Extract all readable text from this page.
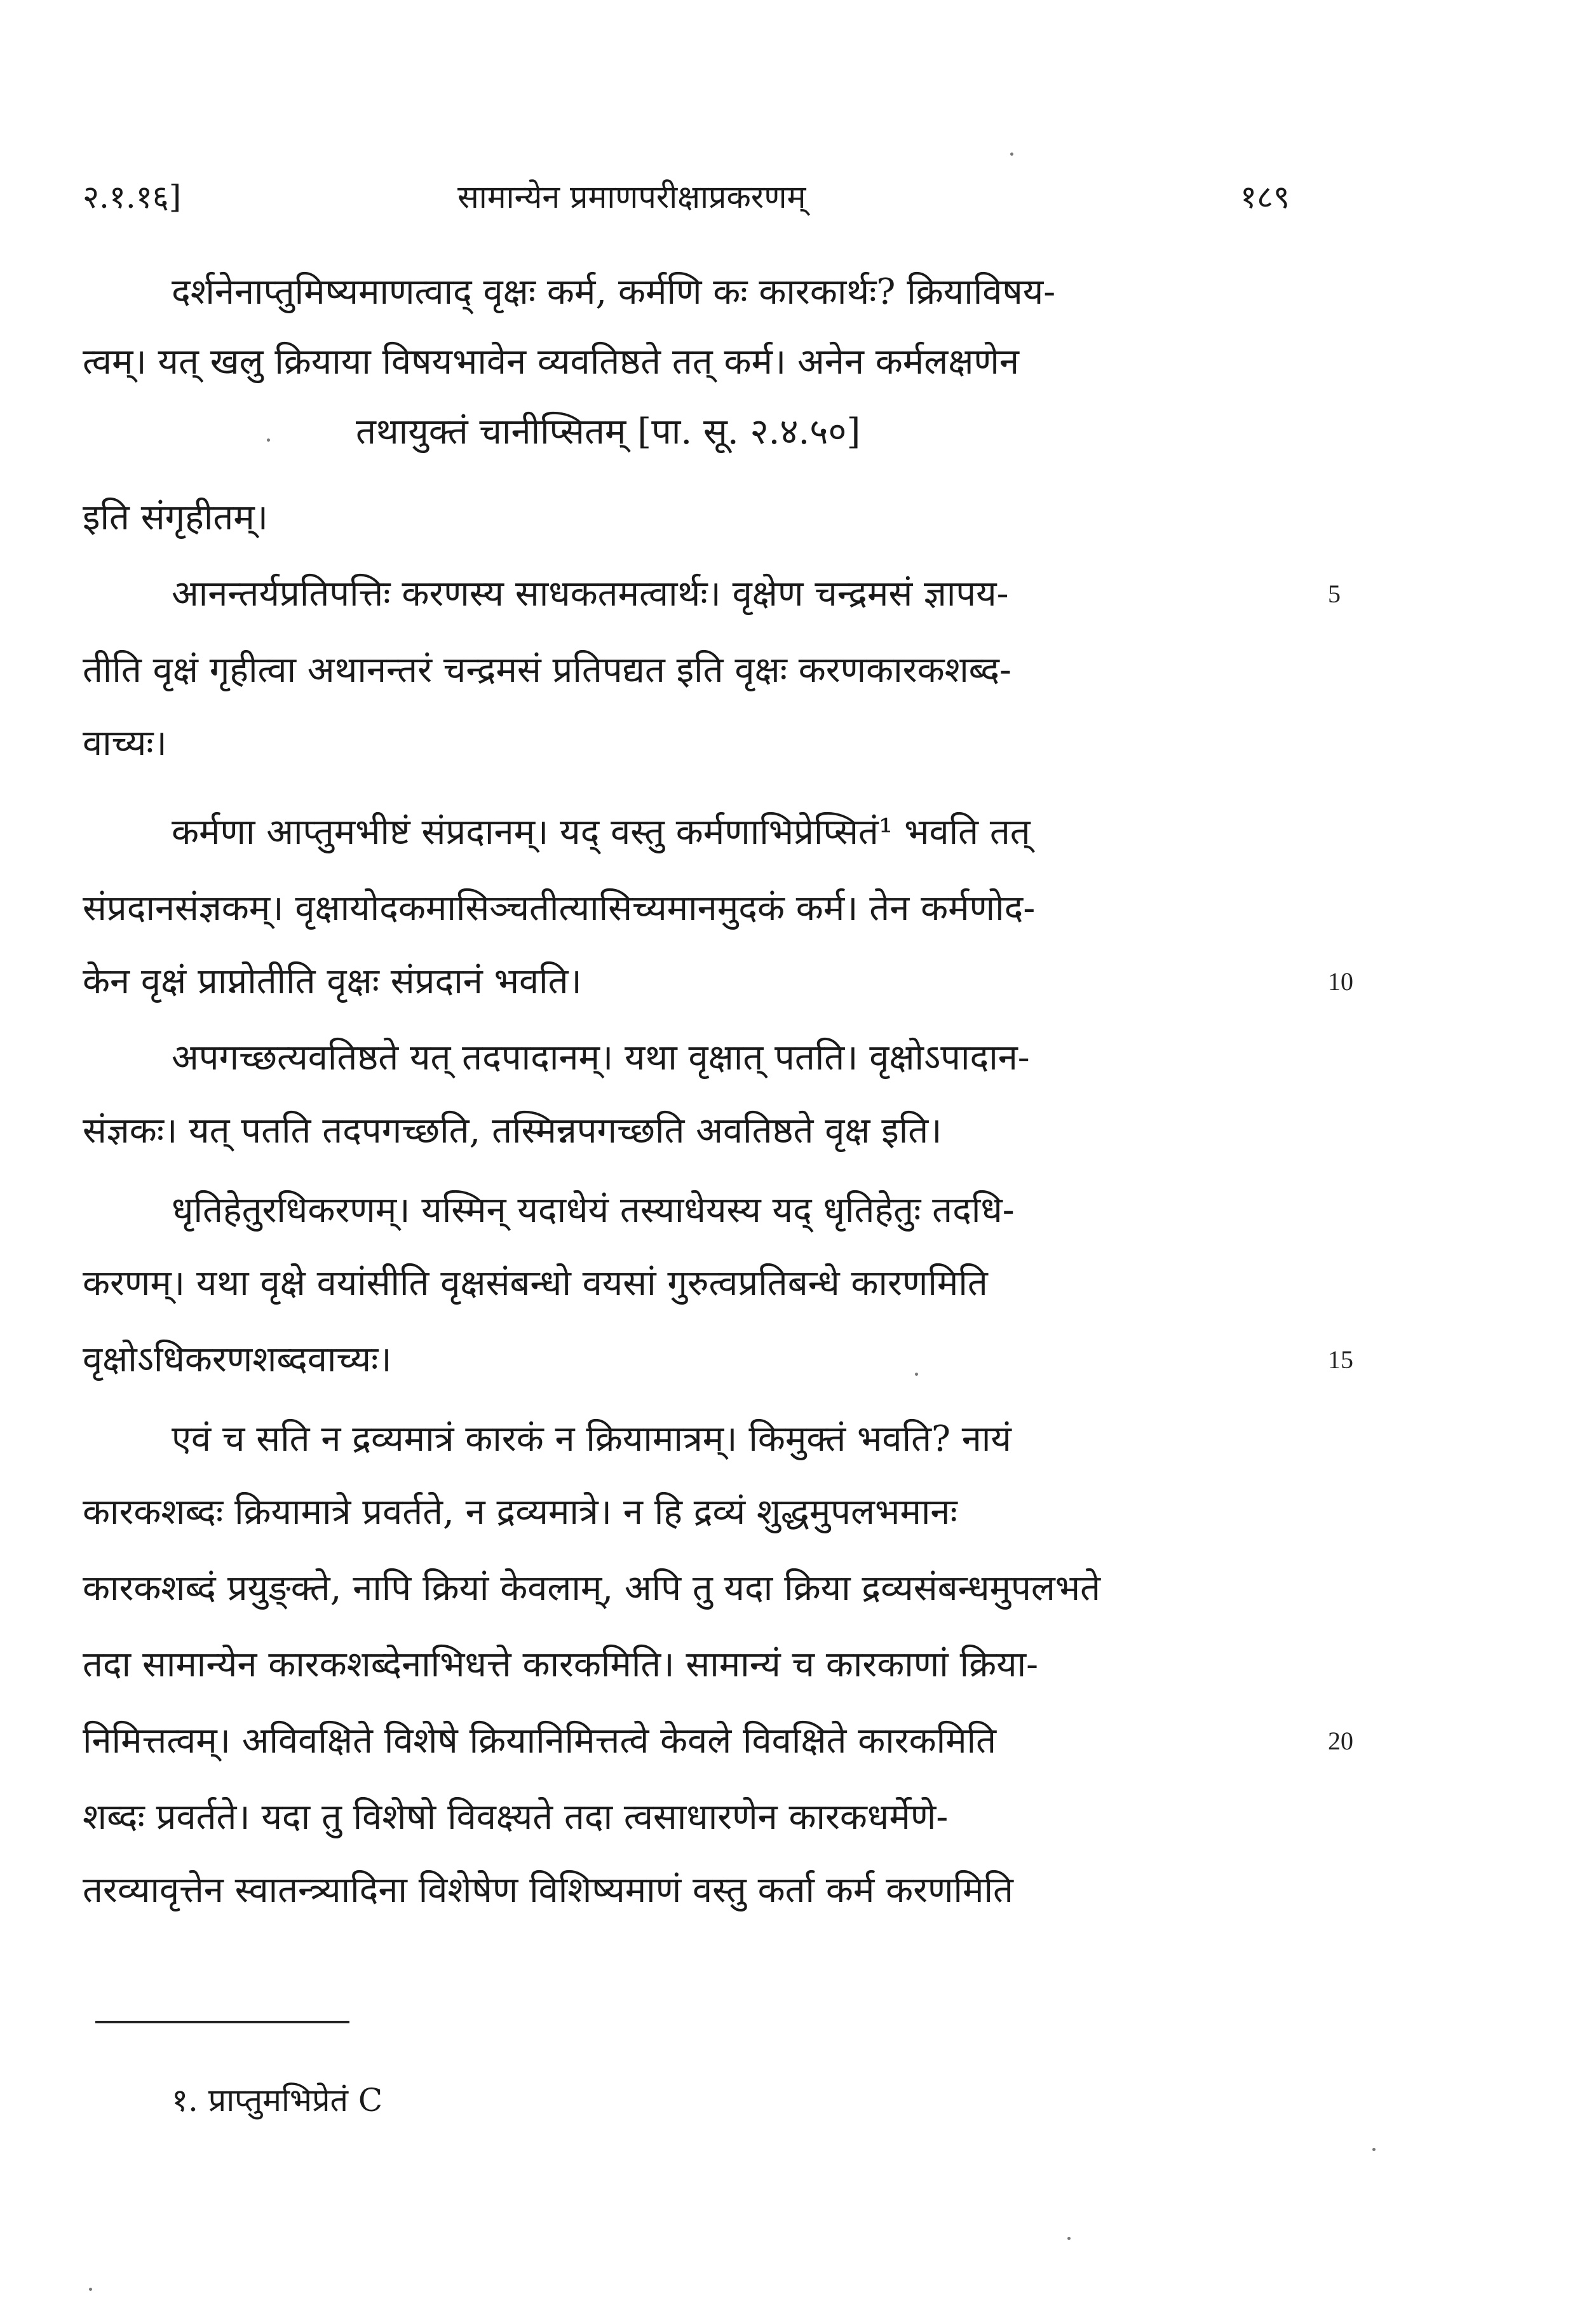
२.१.१६]	सामान्येन प्रमाणपरीक्षाप्रकरणम्	१८९
दर्शनेनाप्तुमिष्यमाणत्वाद् वृक्षः कर्म, कर्मणि कः कारकार्थः? क्रियाविषय-
त्वम्। यत् खलु क्रियाया विषयभावेन व्यवतिष्ठते तत् कर्म। अनेन कर्मलक्षणेन
तथायुक्तं चानीप्सितम् [पा. सू. २.४.५०]
इति संगृहीतम्।
आनन्तर्यप्रतिपत्तिः करणस्य साधकतमत्वार्थः। वृक्षेण चन्द्रमसं ज्ञापय-	5
तीति वृक्षं गृहीत्वा अथानन्तरं चन्द्रमसं प्रतिपद्यत इति वृक्षः करणकारकशब्द-
वाच्यः।
कर्मणा आप्तुमभीष्टं संप्रदानम्। यद् वस्तु कर्मणाभिप्रेप्सितं¹ भवति तत्
संप्रदानसंज्ञकम्। वृक्षायोदकमासिञ्चतीत्यासिच्यमानमुदकं कर्म। तेन कर्मणोद-
केन वृक्षं प्राप्नोतीति वृक्षः संप्रदानं भवति।	10
अपगच्छत्यवतिष्ठते यत् तदपादानम्। यथा वृक्षात् पतति। वृक्षोऽपादान-
संज्ञकः। यत् पतति तदपगच्छति, तस्मिन्नपगच्छति अवतिष्ठते वृक्ष इति।
धृतिहेतुरधिकरणम्। यस्मिन् यदाधेयं तस्याधेयस्य यद् धृतिहेतुः तदधि-
करणम्। यथा वृक्षे वयांसीति वृक्षसंबन्धो वयसां गुरुत्वप्रतिबन्धे कारणमिति
वृक्षोऽधिकरणशब्दवाच्यः।	15
एवं च सति न द्रव्यमात्रं कारकं न क्रियामात्रम्। किमुक्तं भवति? नायं
कारकशब्दः क्रियामात्रे प्रवर्तते, न द्रव्यमात्रे। न हि द्रव्यं शुद्धमुपलभमानः
कारकशब्दं प्रयुङ्क्ते, नापि क्रियां केवलाम्, अपि तु यदा क्रिया द्रव्यसंबन्धमुपलभते
तदा सामान्येन कारकशब्देनाभिधत्ते कारकमिति। सामान्यं च कारकाणां क्रिया-
निमित्तत्वम्। अविवक्षिते विशेषे क्रियानिमित्तत्वे केवले विवक्षिते कारकमिति	20
शब्दः प्रवर्तते। यदा तु विशेषो विवक्ष्यते तदा त्वसाधारणेन कारकधर्मेणे-
तरव्यावृत्तेन स्वातन्त्र्यादिना विशेषेण विशिष्यमाणं वस्तु कर्ता कर्म करणमिति
१. प्राप्तुमभिप्रेतं C
